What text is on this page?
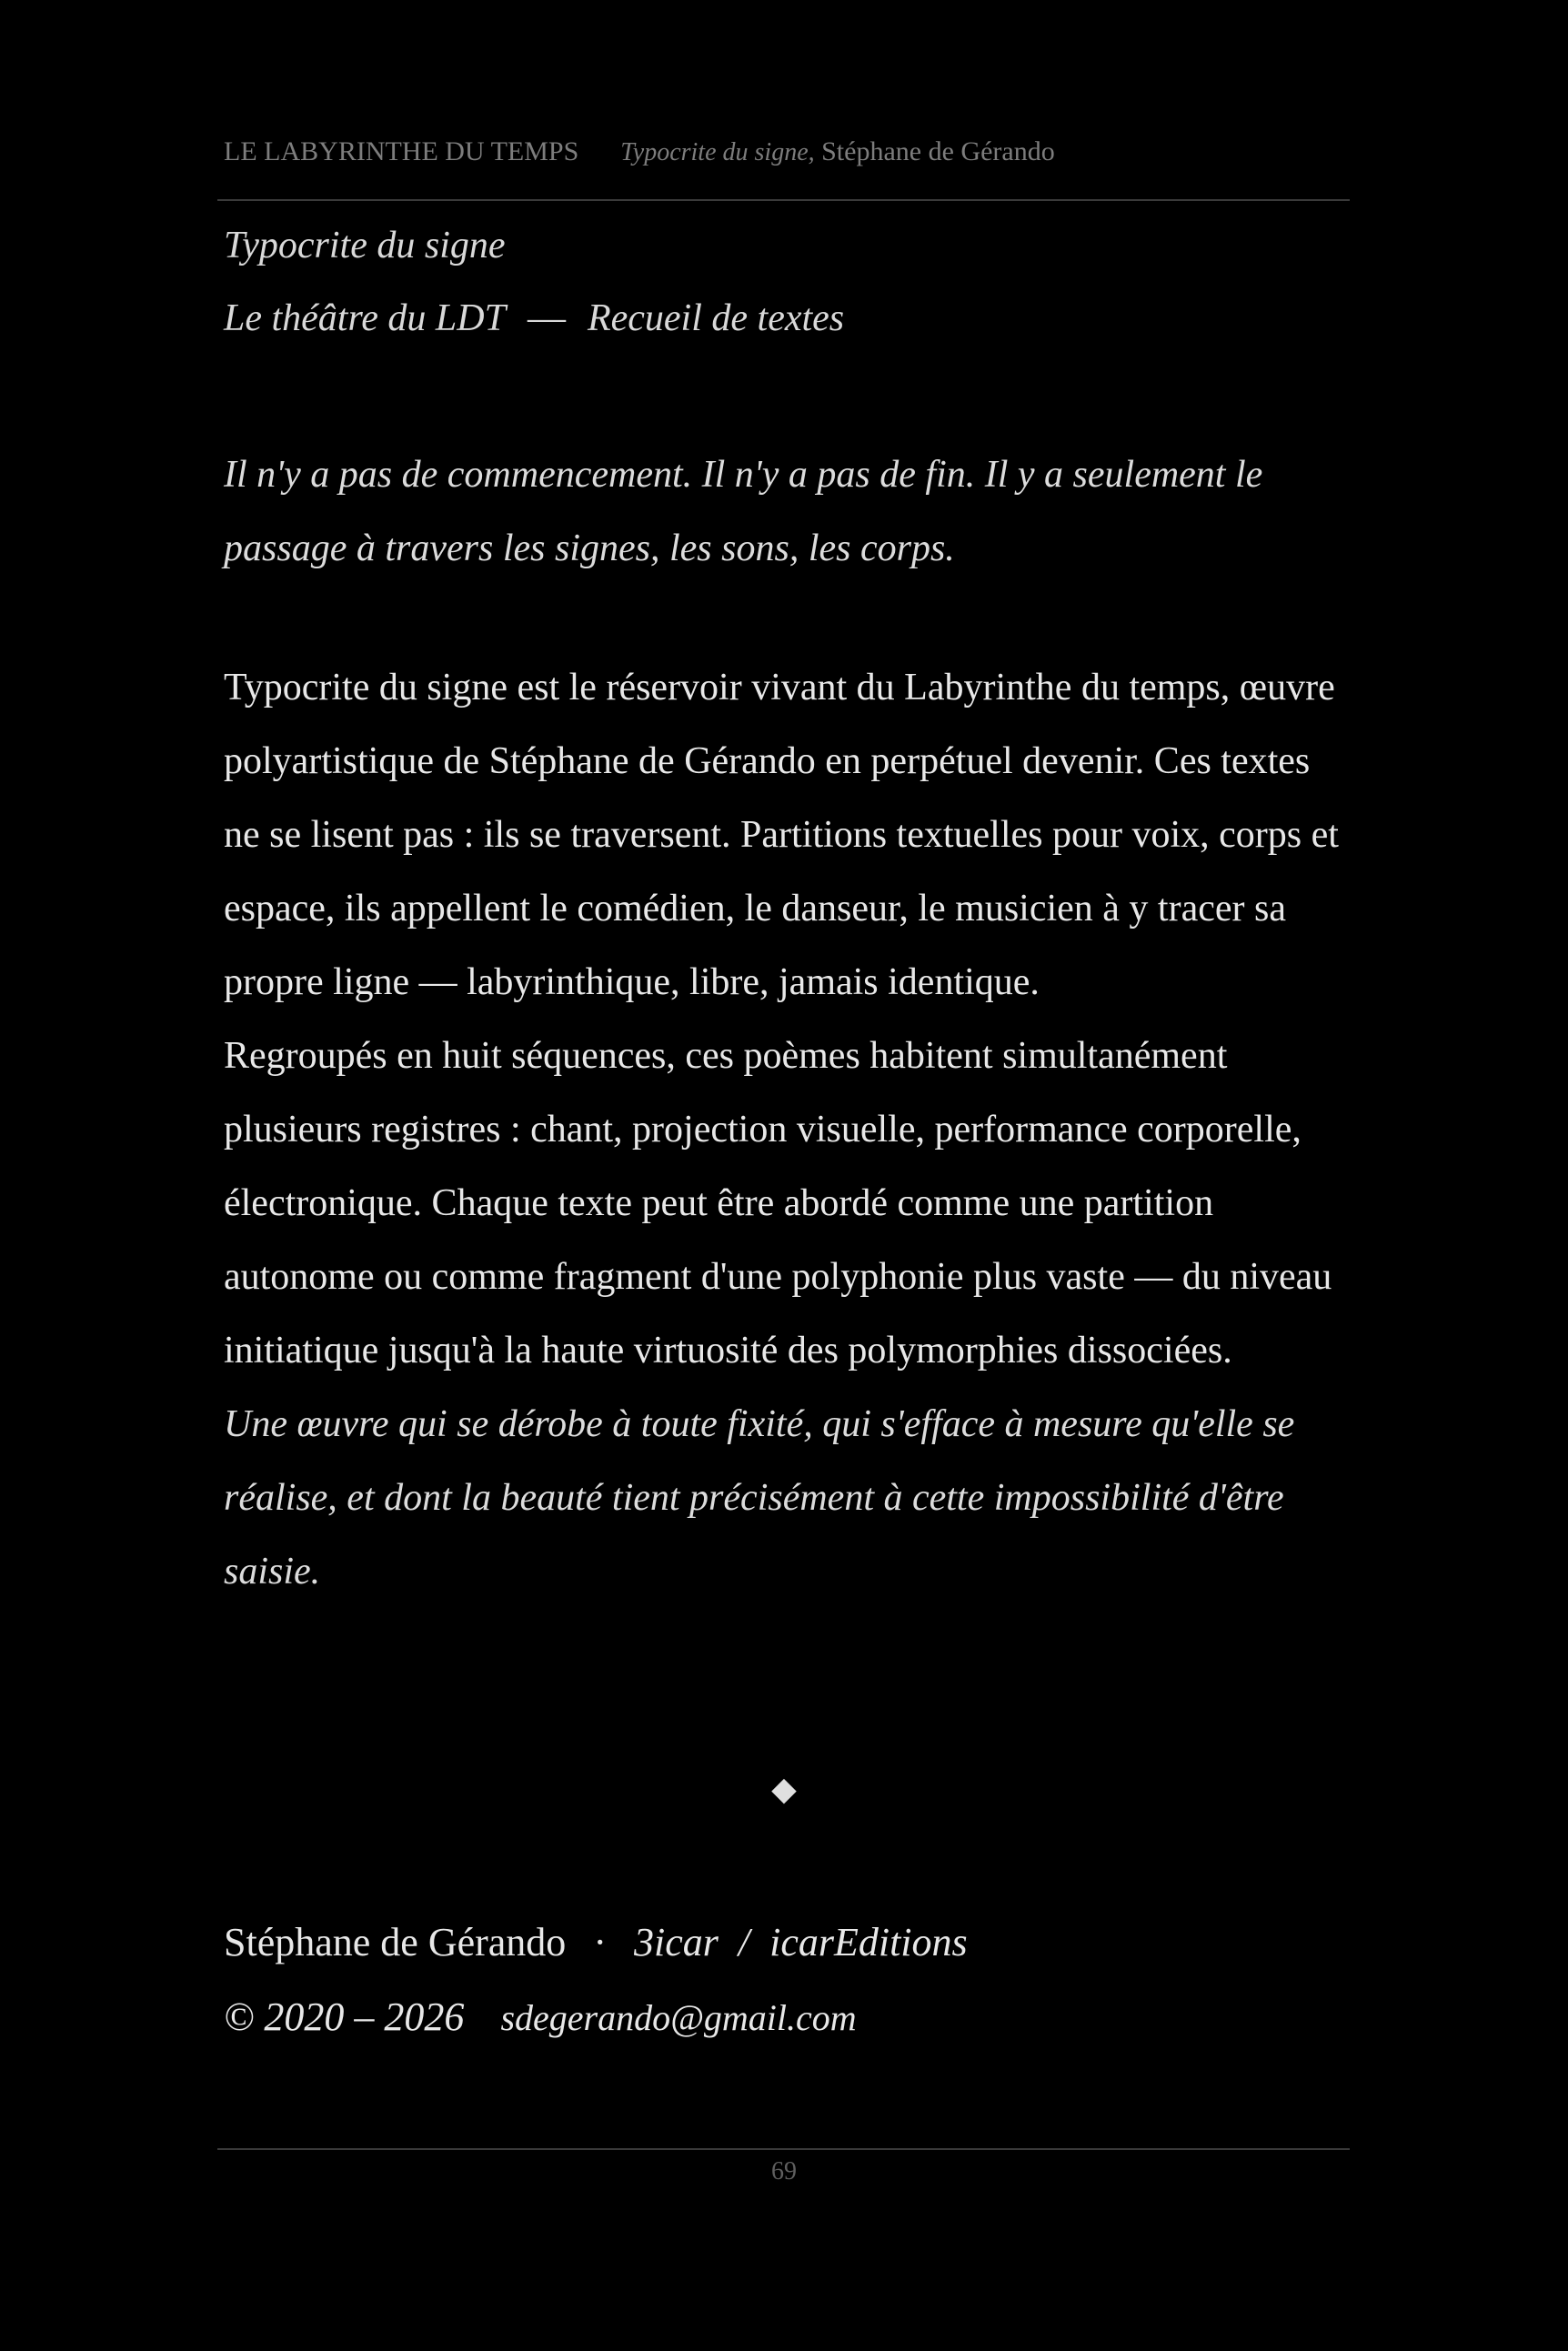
LE LABYRINTHE DU TEMPS Typocrite du signe, Stéphane de Gérando
Typocrite du signe
Le théâtre du LDT — Recueil de textes
Il n'y a pas de commencement. Il n'y a pas de fin. Il y a seulement le passage à travers les signes, les sons, les corps.

Typocrite du signe est le réservoir vivant du Labyrinthe du temps, œuvre polyartistique de Stéphane de Gérando en perpétuel devenir. Ces textes ne se lisent pas : ils se traversent. Partitions textuelles pour voix, corps et espace, ils appellent le comédien, le danseur, le musicien à y tracer sa propre ligne — labyrinthique, libre, jamais identique.

Regroupés en huit séquences, ces poèmes habitent simultanément plusieurs registres : chant, projection visuelle, performance corporelle, électronique. Chaque texte peut être abordé comme une partition autonome ou comme fragment d'une polyphonie plus vaste — du niveau initiatique jusqu'à la haute virtuosité des polymorphies dissociées.

Une œuvre qui se dérobe à toute fixité, qui s'efface à mesure qu'elle se réalise, et dont la beauté tient précisément à cette impossibilité d'être saisie.

◆
Stéphane de Gérando · 3icar / icarEditions
© 2020 – 2026 sdegerando@gmail.com
69
